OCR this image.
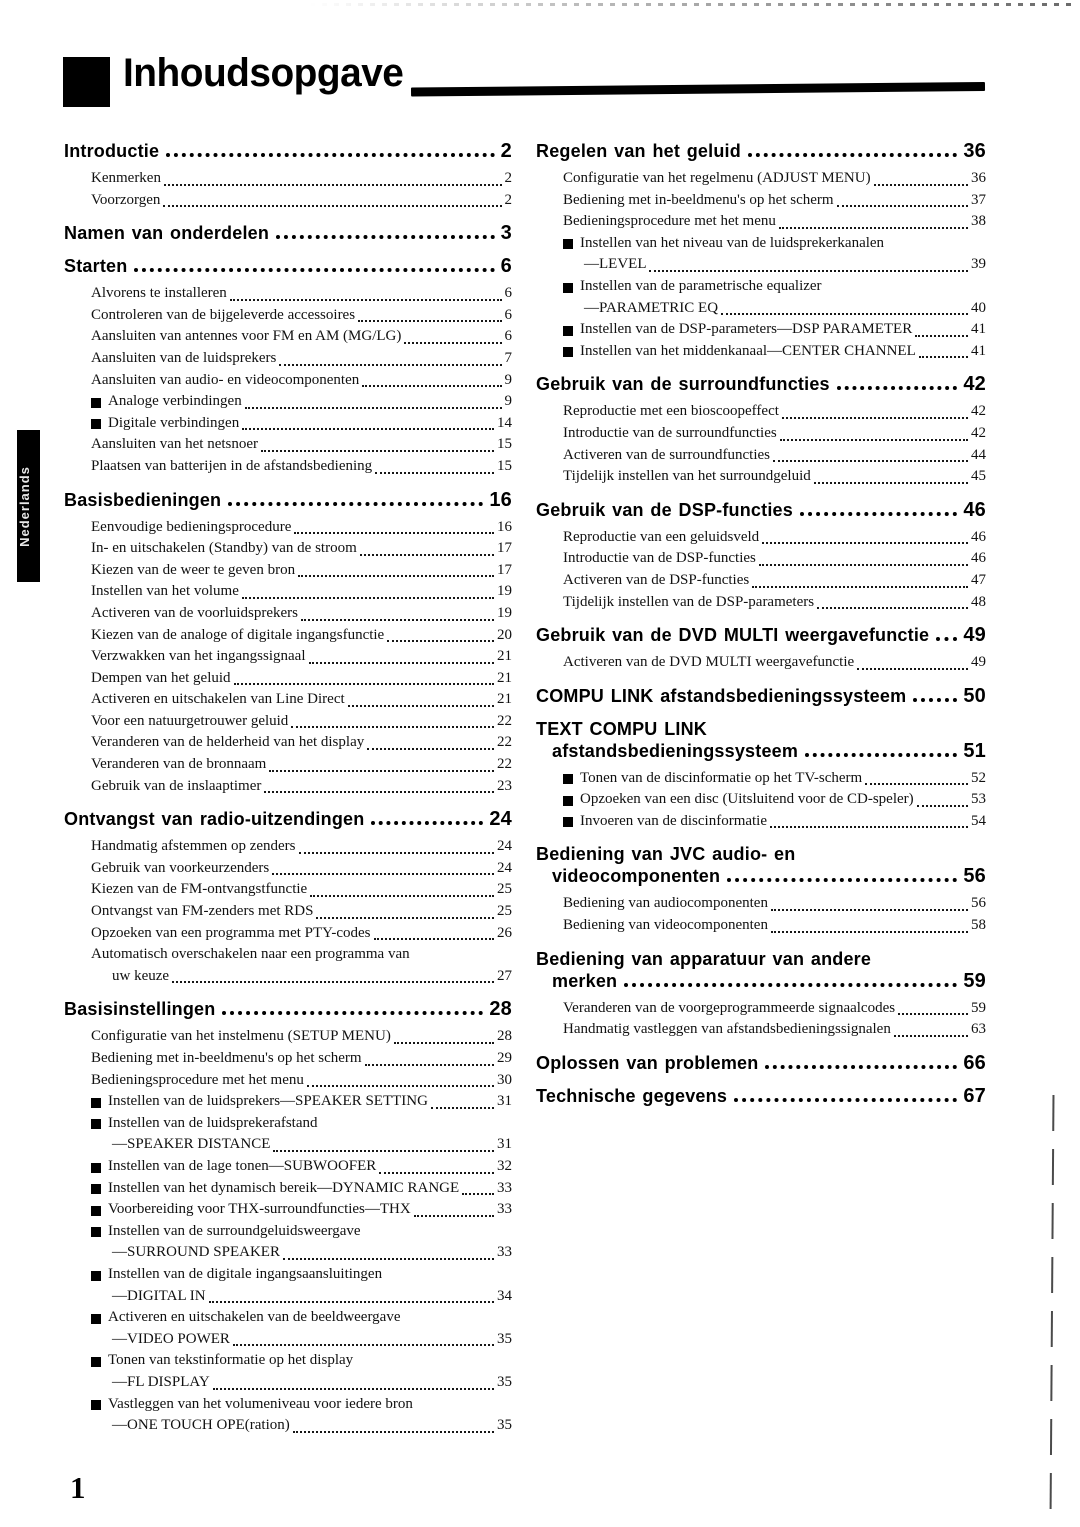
Nederlands
Inhoudsopgave
Introductie	2
Kenmerken	2
Voorzorgen	2
Namen van onderdelen	3
Starten	6
Alvorens te installeren	6
Controleren van de bijgeleverde accessoires	6
Aansluiten van antennes voor FM en AM (MG/LG)	6
Aansluiten van de luidsprekers	7
Aansluiten van audio- en videocomponenten	9
Analoge verbindingen	9
Digitale verbindingen	14
Aansluiten van het netsnoer	15
Plaatsen van batterijen in de afstandsbediening	15
Basisbedieningen	16
Eenvoudige bedieningsprocedure	16
In- en uitschakelen (Standby) van de stroom	17
Kiezen van de weer te geven bron	17
Instellen van het volume	19
Activeren van de voorluidsprekers	19
Kiezen van de analoge of digitale ingangsfunctie	20
Verzwakken van het ingangssignaal	21
Dempen van het geluid	21
Activeren en uitschakelen van Line Direct	21
Voor een natuurgetrouwer geluid	22
Veranderen van de helderheid van het display	22
Veranderen van de bronnaam	22
Gebruik van de inslaaptimer	23
Ontvangst van radio-uitzendingen	24
Handmatig afstemmen op zenders	24
Gebruik van voorkeurzenders	24
Kiezen van de FM-ontvangstfunctie	25
Ontvangst van FM-zenders met RDS	25
Opzoeken van een programma met PTY-codes	26
Automatisch overschakelen naar een programma van
uw keuze	27
Basisinstellingen	28
Configuratie van het instelmenu (SETUP MENU)	28
Bediening met in-beeldmenu's op het scherm	29
Bedieningsprocedure met het menu	30
Instellen van de luidsprekers—SPEAKER SETTING	31
Instellen van de luidsprekerafstand
—SPEAKER DISTANCE	31
Instellen van de lage tonen—SUBWOOFER	32
Instellen van het dynamisch bereik—DYNAMIC RANGE	33
Voorbereiding voor THX-surroundfuncties—THX	33
Instellen van de surroundgeluidsweergave
—SURROUND SPEAKER	33
Instellen van de digitale ingangsaansluitingen
—DIGITAL IN	34
Activeren en uitschakelen van de beeldweergave
—VIDEO POWER	35
Tonen van tekstinformatie op het display
—FL DISPLAY	35
Vastleggen van het volumeniveau voor iedere bron
—ONE TOUCH OPE(ration)	35
Regelen van het geluid	36
Configuratie van het regelmenu (ADJUST MENU)	36
Bediening met in-beeldmenu's op het scherm	37
Bedieningsprocedure met het menu	38
Instellen van het niveau van de luidsprekerkanalen
—LEVEL	39
Instellen van de parametrische equalizer
—PARAMETRIC EQ	40
Instellen van de DSP-parameters—DSP PARAMETER	41
Instellen van het middenkanaal—CENTER CHANNEL	41
Gebruik van de surroundfuncties	42
Reproductie met een bioscoopeffect	42
Introductie van de surroundfuncties	42
Activeren van de surroundfuncties	44
Tijdelijk instellen van het surroundgeluid	45
Gebruik van de DSP-functies	46
Reproductie van een geluidsveld	46
Introductie van de DSP-functies	46
Activeren van de DSP-functies	47
Tijdelijk instellen van de DSP-parameters	48
Gebruik van de DVD MULTI weergavefunctie 49
Activeren van de DVD MULTI weergavefunctie	49
COMPU LINK afstandsbedieningssysteem	50
TEXT COMPU LINK
afstandsbedieningssysteem	51
Tonen van de discinformatie op het TV-scherm	52
Opzoeken van een disc (Uitsluitend voor de CD-speler)	53
Invoeren van de discinformatie	54
Bediening van JVC audio- en
videocomponenten	56
Bediening van audiocomponenten	56
Bediening van videocomponenten	58
Bediening van apparatuur van andere
merken	59
Veranderen van de voorgeprogrammeerde signaalcodes	59
Handmatig vastleggen van afstandsbedieningssignalen	63
Oplossen van problemen	66
Technische gegevens	67
1
